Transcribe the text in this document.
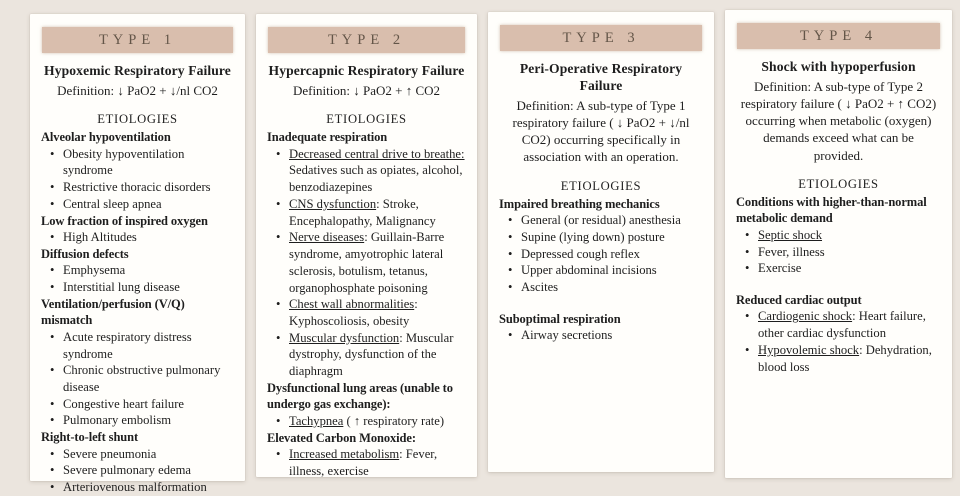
TYPE 1
Hypoxemic Respiratory Failure

Definition: ↓ PaO2 + ↓/nl CO2

ETIOLOGIES
Alveolar hypoventilation
• Obesity hypoventilation syndrome
• Restrictive thoracic disorders
• Central sleep apnea
Low fraction of inspired oxygen
• High Altitudes
Diffusion defects
• Emphysema
• Interstitial lung disease
Ventilation/perfusion (V/Q) mismatch
• Acute respiratory distress syndrome
• Chronic obstructive pulmonary disease
• Congestive heart failure
• Pulmonary embolism
Right-to-left shunt
• Severe pneumonia
• Severe pulmonary edema
• Arteriovenous malformation
TYPE 2
Hypercapnic Respiratory Failure

Definition: ↓ PaO2 + ↑ CO2

ETIOLOGIES
Inadequate respiration
• Decreased central drive to breathe: Sedatives such as opiates, alcohol, benzodiazepines
• CNS dysfunction: Stroke, Encephalopathy, Malignancy
• Nerve diseases: Guillain-Barre syndrome, amyotrophic lateral sclerosis, botulism, tetanus, organophosphate poisoning
• Chest wall abnormalities: Kyphoscoliosis, obesity
• Muscular dysfunction: Muscular dystrophy, dysfunction of the diaphragm
Dysfunctional lung areas (unable to undergo gas exchange):
• Tachypnea ( ↑ respiratory rate)
Elevated Carbon Monoxide:
• Increased metabolism: Fever, illness, exercise
TYPE 3
Peri-Operative Respiratory Failure

Definition: A sub-type of Type 1 respiratory failure ( ↓ PaO2 + ↓/nl CO2) occurring specifically in association with an operation.

ETIOLOGIES
Impaired breathing mechanics
• General (or residual) anesthesia
• Supine (lying down) posture
• Depressed cough reflex
• Upper abdominal incisions
• Ascites
Suboptimal respiration
• Airway secretions
TYPE 4
Shock with hypoperfusion

Definition: A sub-type of Type 2 respiratory failure ( ↓ PaO2 + ↑ CO2) occurring when metabolic (oxygen) demands exceed what can be provided.

ETIOLOGIES
Conditions with higher-than-normal metabolic demand
• Septic shock
• Fever, illness
• Exercise
Reduced cardiac output
• Cardiogenic shock: Heart failure, other cardiac dysfunction
• Hypovolemic shock: Dehydration, blood loss
